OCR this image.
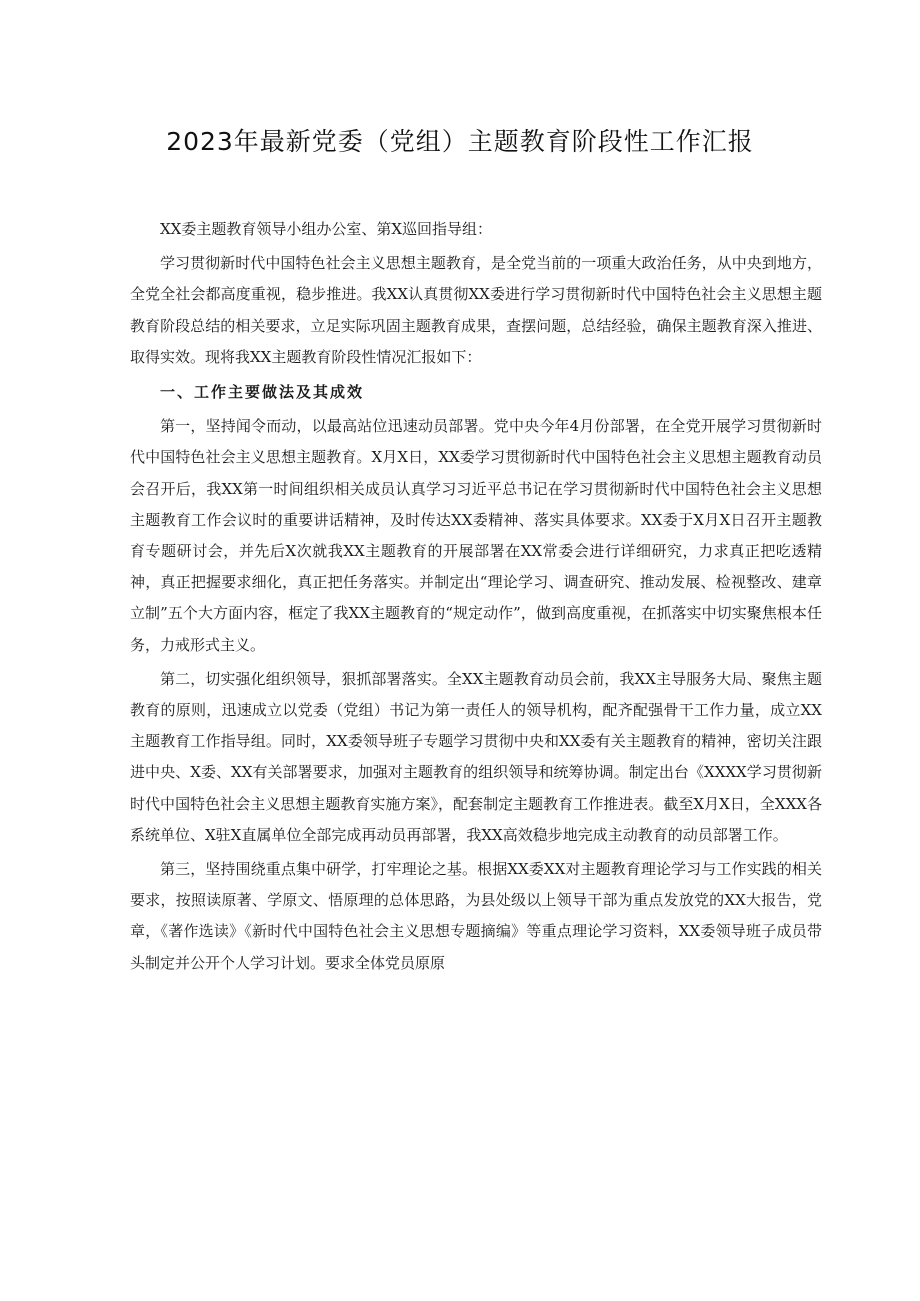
2023年最新党委（党组）主题教育阶段性工作汇报

XX委主题教育领导小组办公室、第X巡回指导组：

学习贯彻新时代中国特色社会主义思想主题教育，是全党当前的一项重大政治任务，从中央到地方，全党全社会都高度重视，稳步推进。我XX认真贯彻XX委进行学习贯彻新时代中国特色社会主义思想主题教育阶段总结的相关要求，立足实际巩固主题教育成果，查摆问题，总结经验，确保主题教育深入推进、取得实效。现将我XX主题教育阶段性情况汇报如下：

一、工作主要做法及其成效

第一，坚持闻令而动，以最高站位迅速动员部署。党中央今年4月份部署，在全党开展学习贯彻新时代中国特色社会主义思想主题教育。X月X日，XX委学习贯彻新时代中国特色社会主义思想主题教育动员会召开后，我XX第一时间组织相关成员认真学习习近平总书记在学习贯彻新时代中国特色社会主义思想主题教育工作会议时的重要讲话精神，及时传达XX委精神、落实具体要求。XX委于X月X日召开主题教育专题研讨会，并先后X次就我XX主题教育的开展部署在XX常委会进行详细研究，力求真正把吃透精神，真正把握要求细化，真正把任务落实。并制定出“理论学习、调查研究、推动发展、检视整改、建章立制”五个大方面内容，框定了我XX主题教育的“规定动作”，做到高度重视，在抓落实中切实聚焦根本任务，力戒形式主义。

第二，切实强化组织领导，狠抓部署落实。全XX主题教育动员会前，我XX主导服务大局、聚焦主题教育的原则，迅速成立以党委（党组）书记为第一责任人的领导机构，配齐配强骨干工作力量，成立XX主题教育工作指导组。同时，XX委领导班子专题学习贯彻中央和XX委有关主题教育的精神，密切关注跟进中央、X委、XX有关部署要求，加强对主题教育的组织领导和统筹协调。制定出台《XXXX学习贯彻新时代中国特色社会主义思想主题教育实施方案》，配套制定主题教育工作推进表。截至X月X日，全XXX各系统单位、X驻X直属单位全部完成再动员再部署，我XX高效稳步地完成主动教育的动员部署工作。

第三，坚持围绕重点集中研学，打牢理论之基。根据XX委XX对主题教育理论学习与工作实践的相关要求，按照读原著、学原文、悟原理的总体思路，为县处级以上领导干部为重点发放党的XX大报告，党章，《著作选读》《新时代中国特色社会主义思想专题摘编》等重点理论学习资料，XX委领导班子成员带头制定并公开个人学习计划。要求全体党员原原
